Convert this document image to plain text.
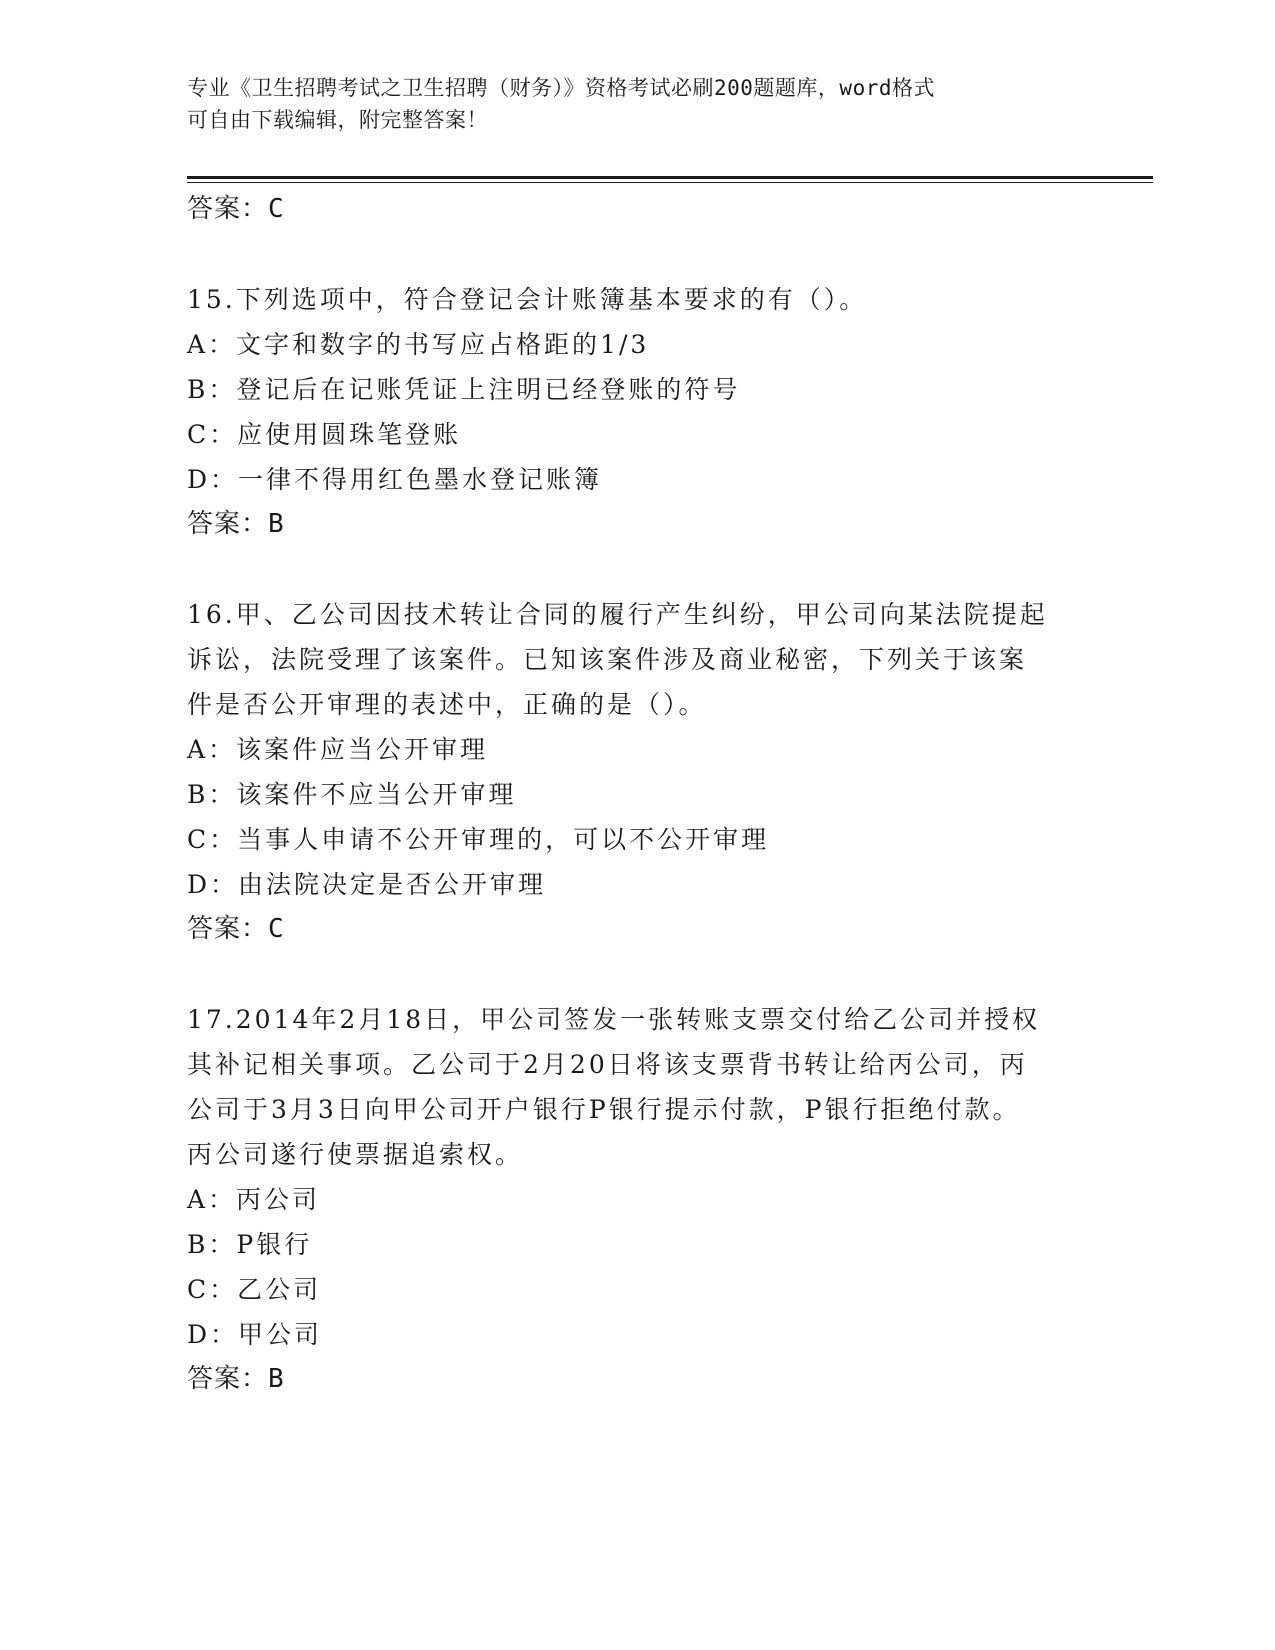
专业《卫生招聘考试之卫生招聘（财务）》资格考试必刷200题题库，word格式
可自由下载编辑，附完整答案！
答案：C
15.下列选项中，符合登记会计账簿基本要求的有（）。
A：文字和数字的书写应占格距的1/3
B：登记后在记账凭证上注明已经登账的符号
C：应使用圆珠笔登账
D：一律不得用红色墨水登记账簿
答案：B
16.甲、乙公司因技术转让合同的履行产生纠纷，甲公司向某法院提起
诉讼，法院受理了该案件。已知该案件涉及商业秘密，下列关于该案
件是否公开审理的表述中，正确的是（）。
A：该案件应当公开审理
B：该案件不应当公开审理
C：当事人申请不公开审理的，可以不公开审理
D：由法院决定是否公开审理
答案：C
17.2014年2月18日，甲公司签发一张转账支票交付给乙公司并授权
其补记相关事项。乙公司于2月20日将该支票背书转让给丙公司，丙
公司于3月3日向甲公司开户银行P银行提示付款，P银行拒绝付款。
丙公司遂行使票据追索权。
A：丙公司
B：P银行
C：乙公司
D：甲公司
答案：B
